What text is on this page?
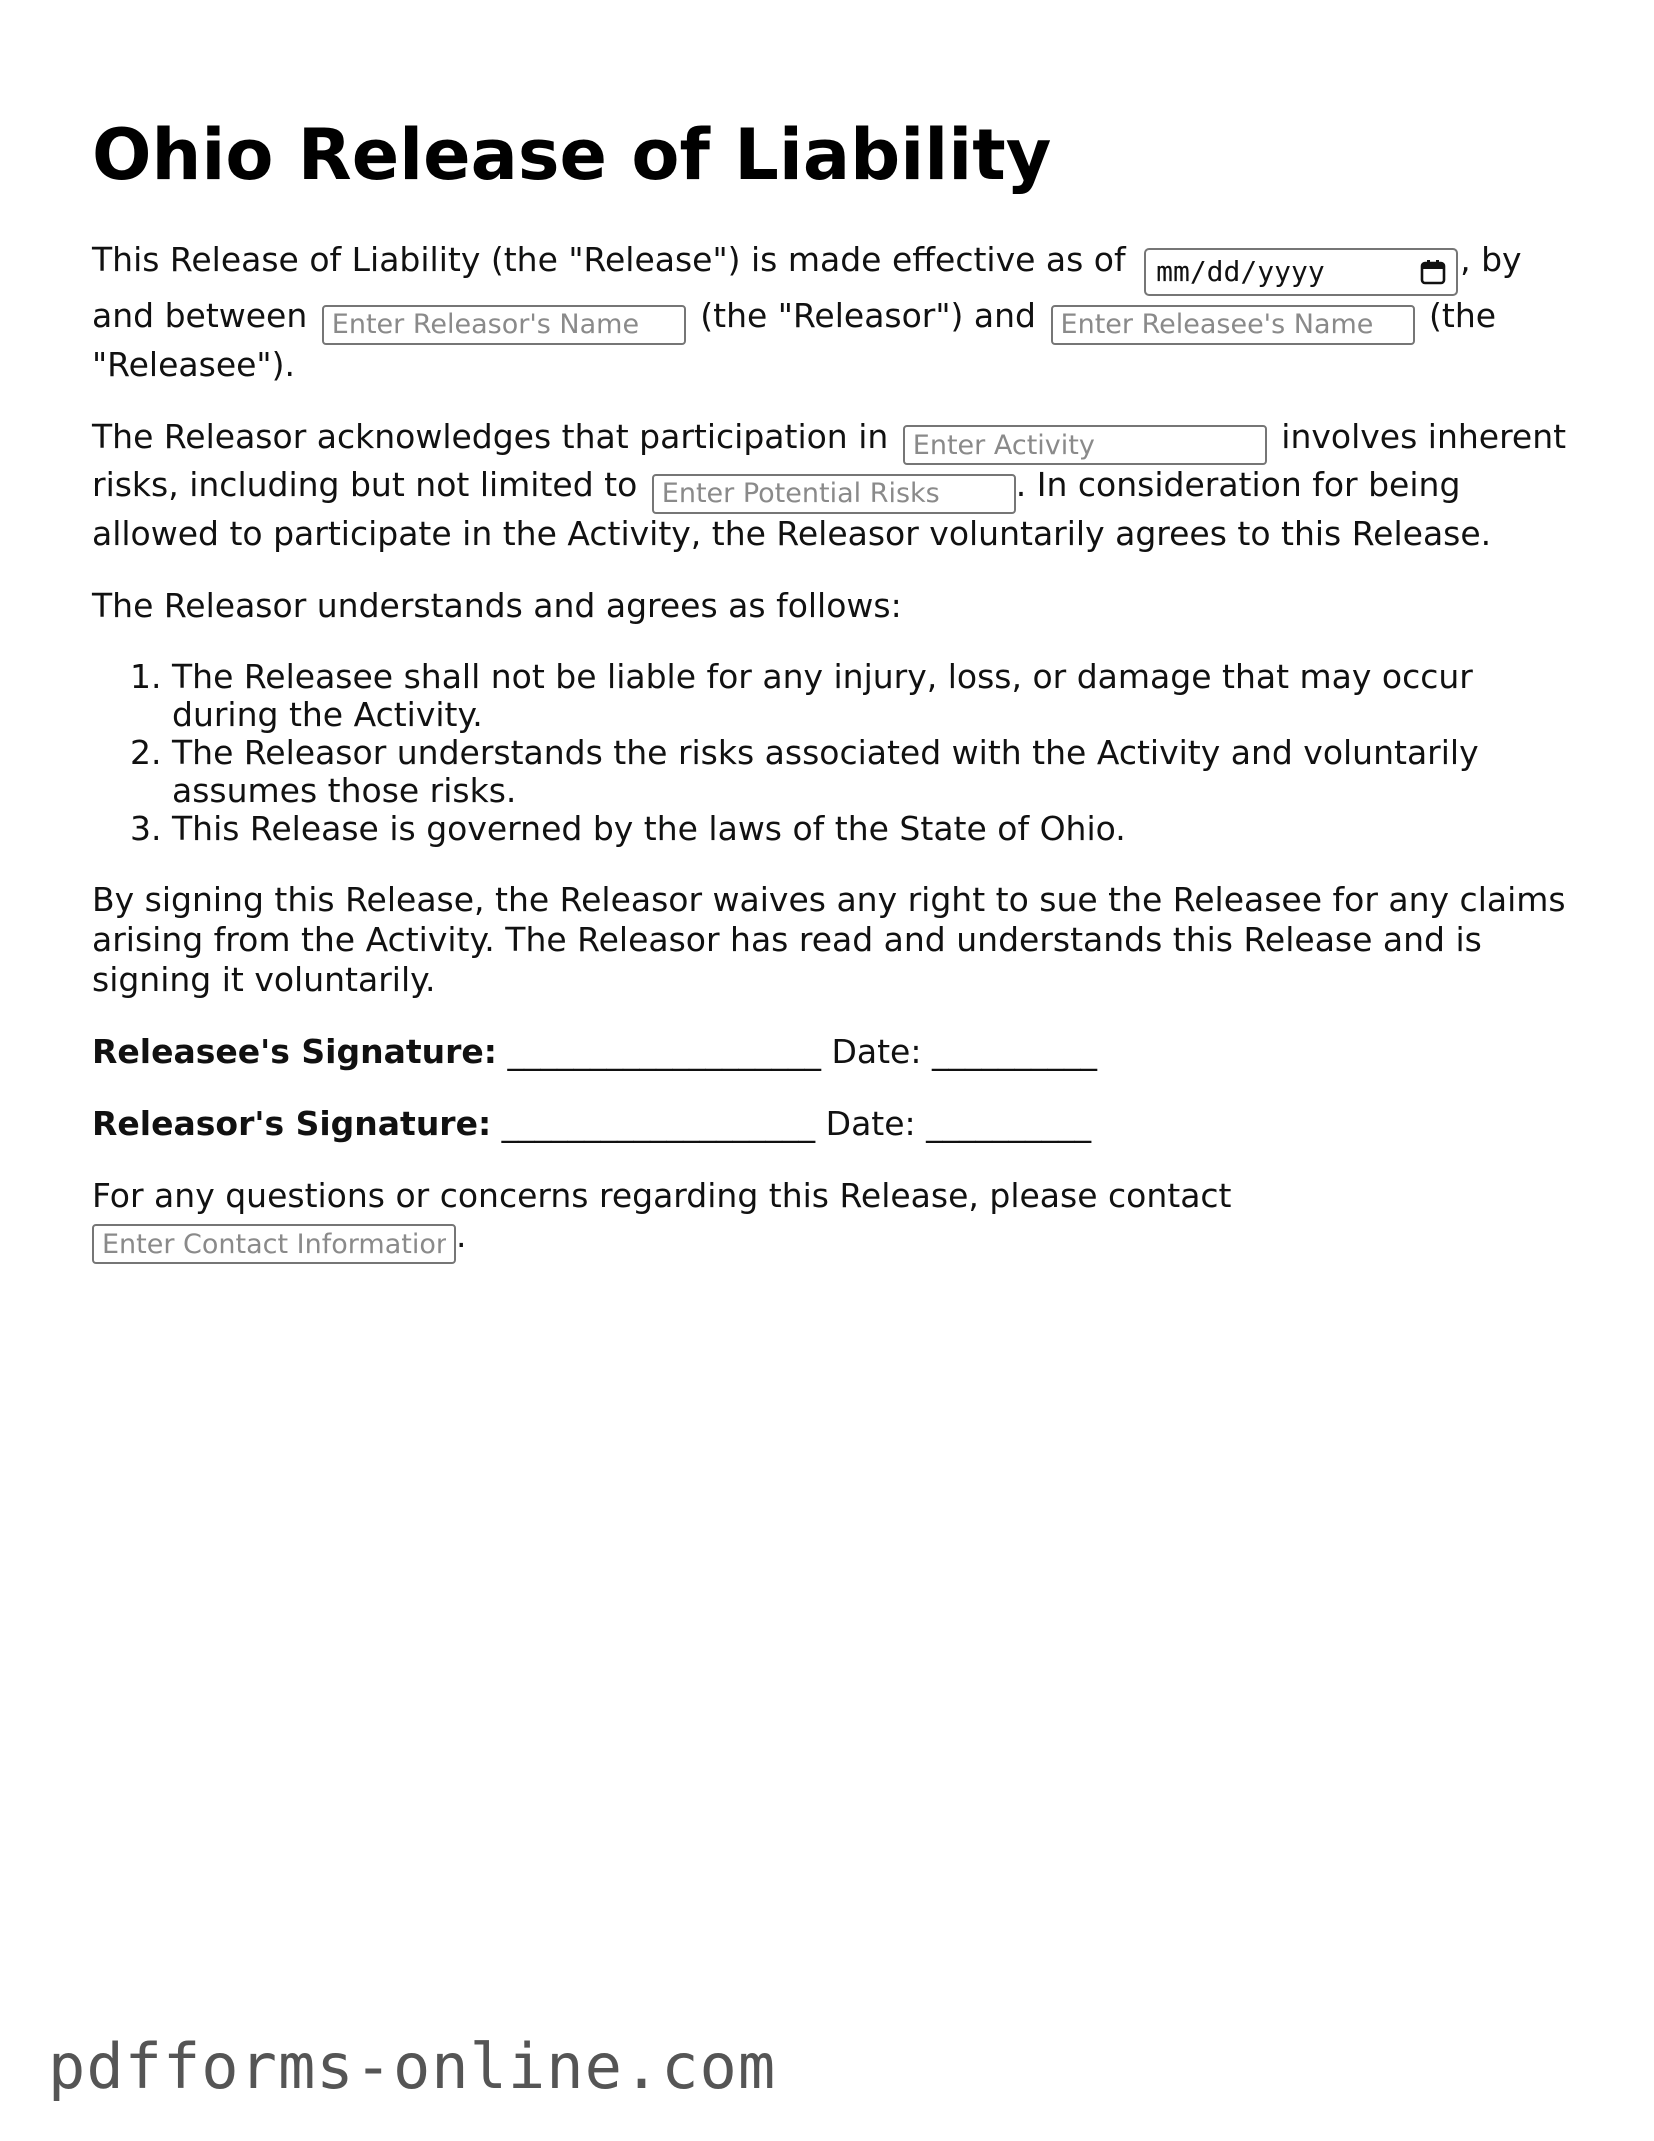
Ohio Release of Liability

This Release of Liability (the "Release") is made effective as of mm/dd/yyyy	, by and between Enter Releasor's Name	(the "Releasor") and Enter Releasee's Name	(the "Releasee").

The Releasor acknowledges that participation in Enter Activity	involves inherent risks, including but not limited to Enter Potential Risks	. In consideration for being allowed to participate in the Activity, the Releasor voluntarily agrees to this Release.

The Releasor understands and agrees as follows:

1. The Releasee shall not be liable for any injury, loss, or damage that may occur during the Activity.
2. The Releasor understands the risks associated with the Activity and voluntarily assumes those risks.
3. This Release is governed by the laws of the State of Ohio.

By signing this Release, the Releasor waives any right to sue the Releasee for any claims arising from the Activity. The Releasor has read and understands this Release and is signing it voluntarily.

Releasee's Signature: ___________________ Date: __________

Releasor's Signature: ___________________ Date: __________

For any questions or concerns regarding this Release, please contact
Enter Contact Information.

pdfforms-online.com
